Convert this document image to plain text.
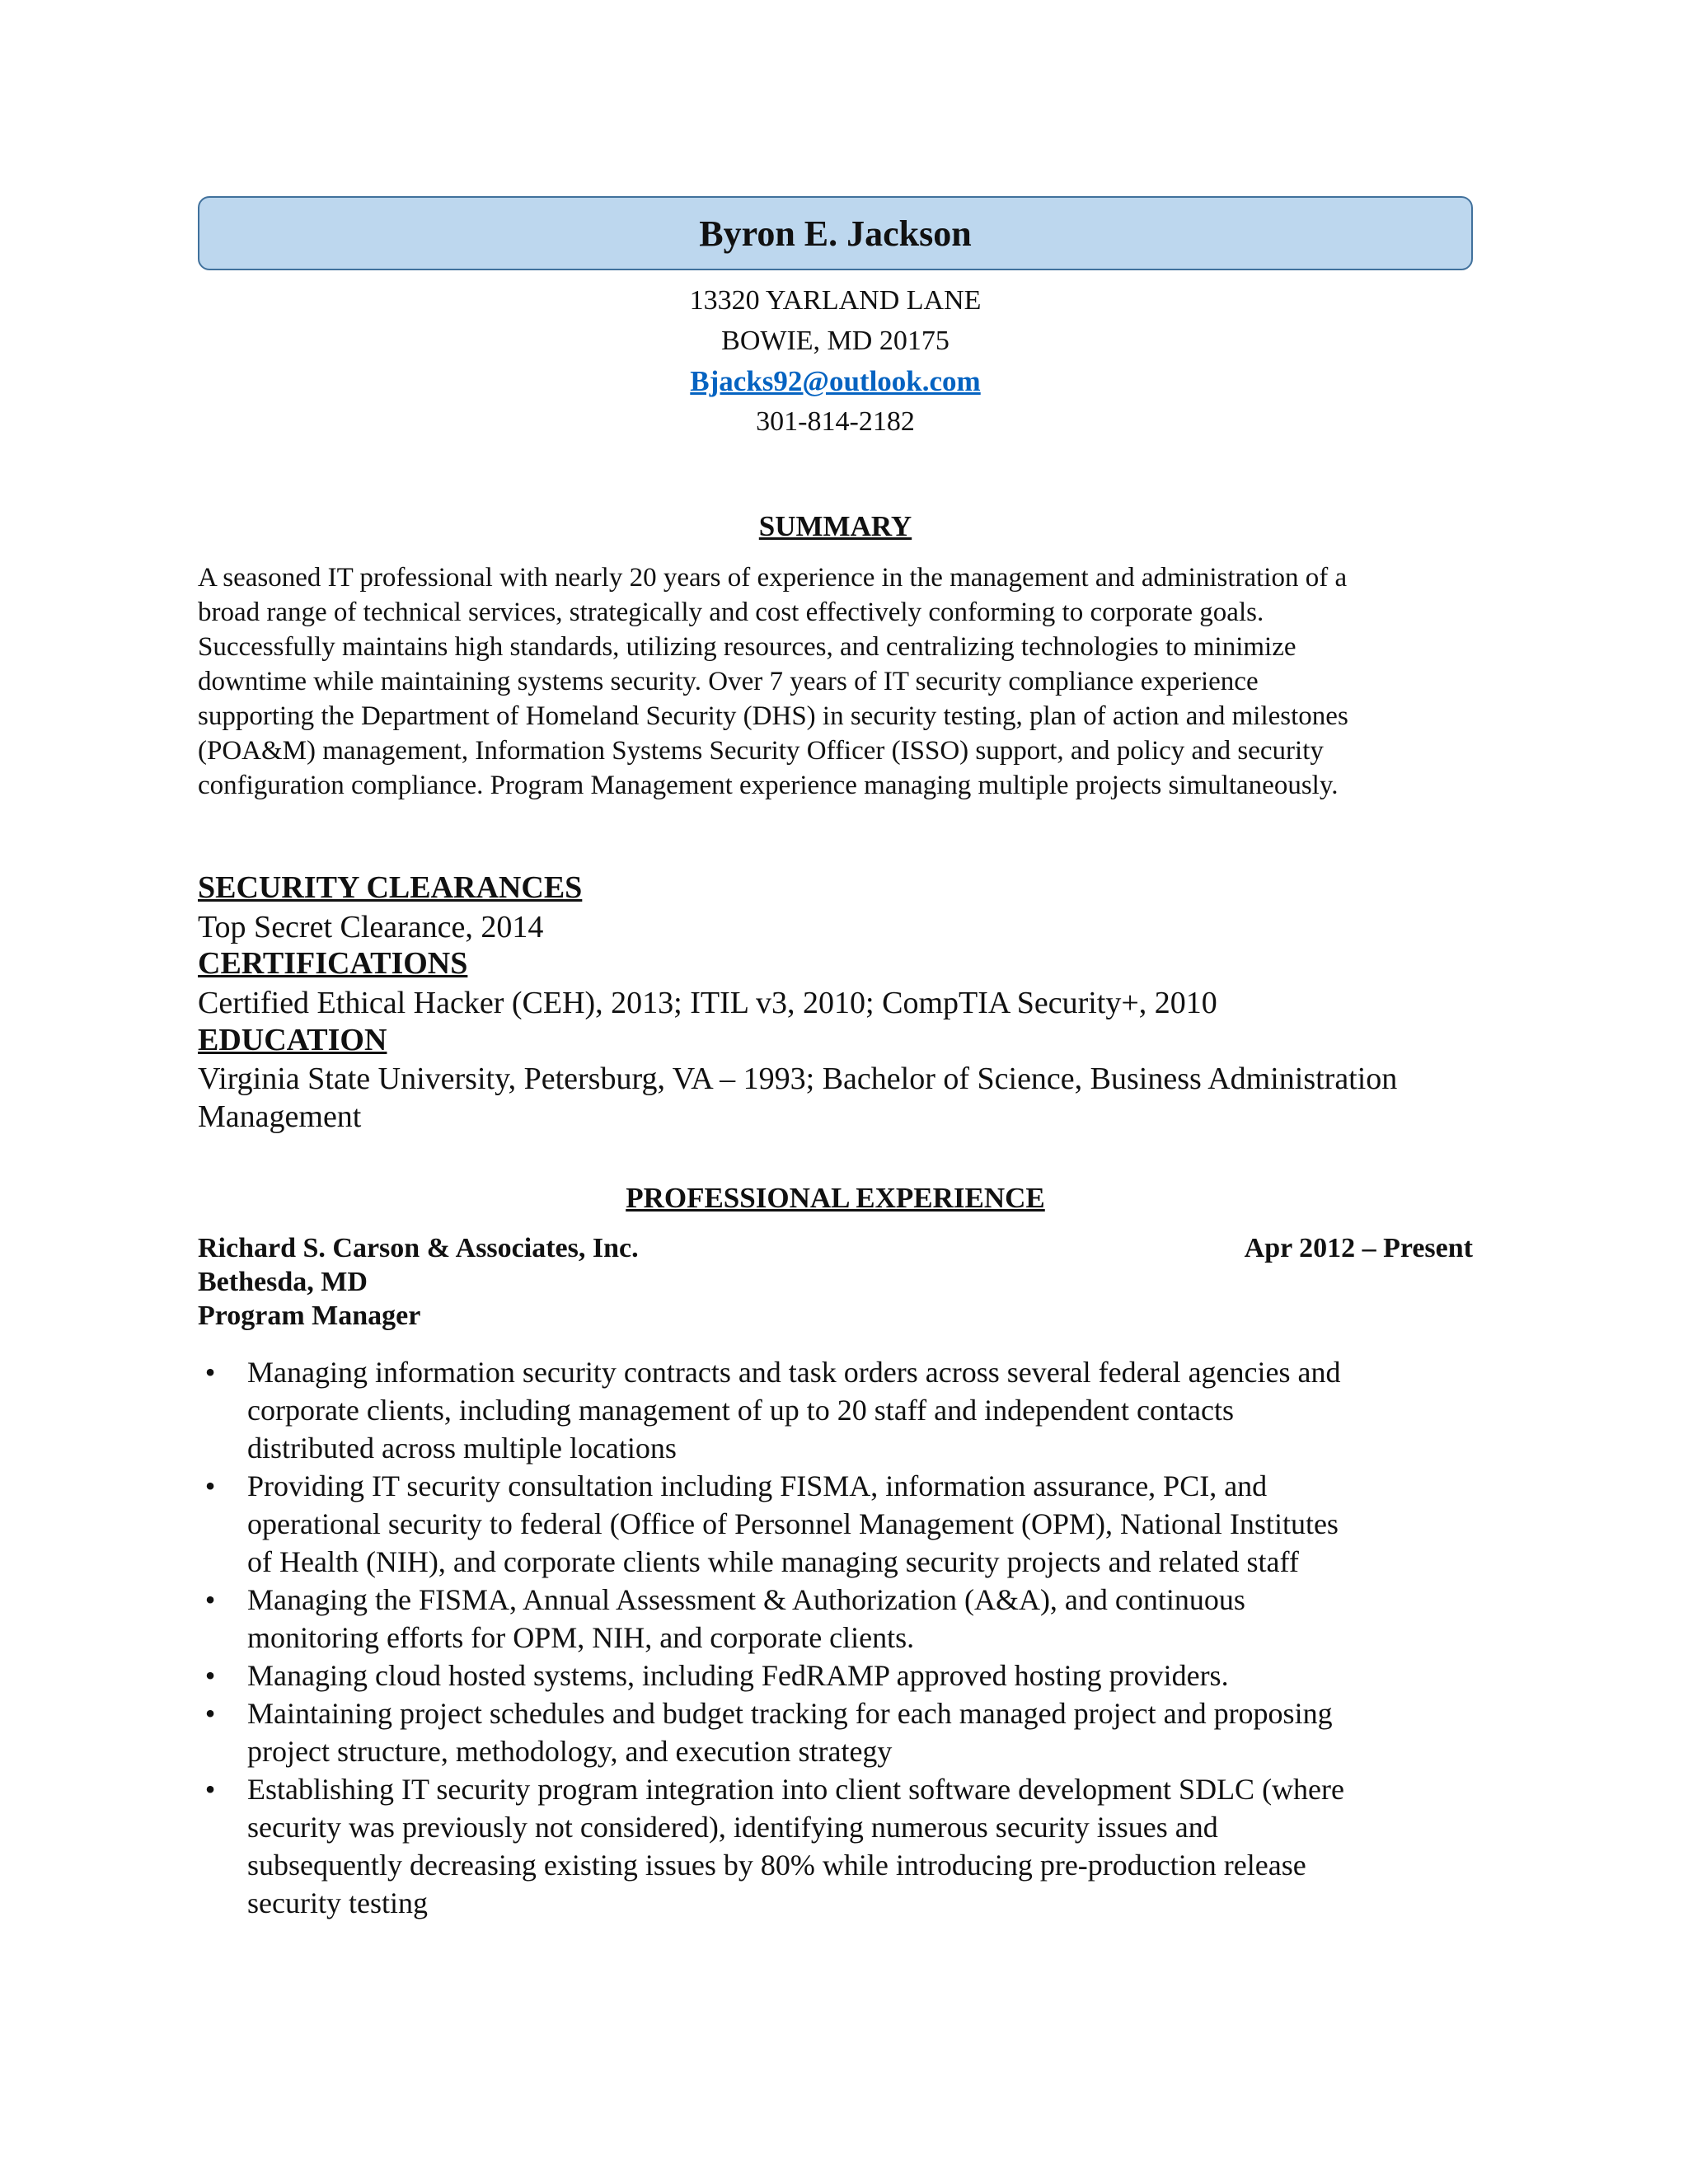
Byron E. Jackson
13320 YARLAND LANE
BOWIE, MD 20175
Bjacks92@outlook.com
301-814-2182
SUMMARY
A seasoned IT professional with nearly 20 years of experience in the management and administration of a
broad range of technical services, strategically and cost effectively conforming to corporate goals.
Successfully maintains high standards, utilizing resources, and centralizing technologies to minimize
downtime while maintaining systems security. Over 7 years of IT security compliance experience
supporting the Department of Homeland Security (DHS) in security testing, plan of action and milestones
(POA&M) management, Information Systems Security Officer (ISSO) support, and policy and security
configuration compliance. Program Management experience managing multiple projects simultaneously.
SECURITY CLEARANCES
Top Secret Clearance, 2014
CERTIFICATIONS
Certified Ethical Hacker (CEH), 2013; ITIL v3, 2010; CompTIA Security+, 2010
EDUCATION
Virginia State University, Petersburg, VA – 1993; Bachelor of Science, Business Administration
Management
PROFESSIONAL EXPERIENCE
Richard S. Carson & Associates, Inc.	Apr 2012 – Present
Bethesda, MD
Program Manager
• Managing information security contracts and task orders across several federal agencies and
corporate clients, including management of up to 20 staff and independent contacts
distributed across multiple locations
• Providing IT security consultation including FISMA, information assurance, PCI, and
operational security to federal (Office of Personnel Management (OPM), National Institutes
of Health (NIH), and corporate clients while managing security projects and related staff
• Managing the FISMA, Annual Assessment & Authorization (A&A), and continuous
monitoring efforts for OPM, NIH, and corporate clients.
• Managing cloud hosted systems, including FedRAMP approved hosting providers.
• Maintaining project schedules and budget tracking for each managed project and proposing
project structure, methodology, and execution strategy
• Establishing IT security program integration into client software development SDLC (where
security was previously not considered), identifying numerous security issues and
subsequently decreasing existing issues by 80% while introducing pre-production release
security testing
